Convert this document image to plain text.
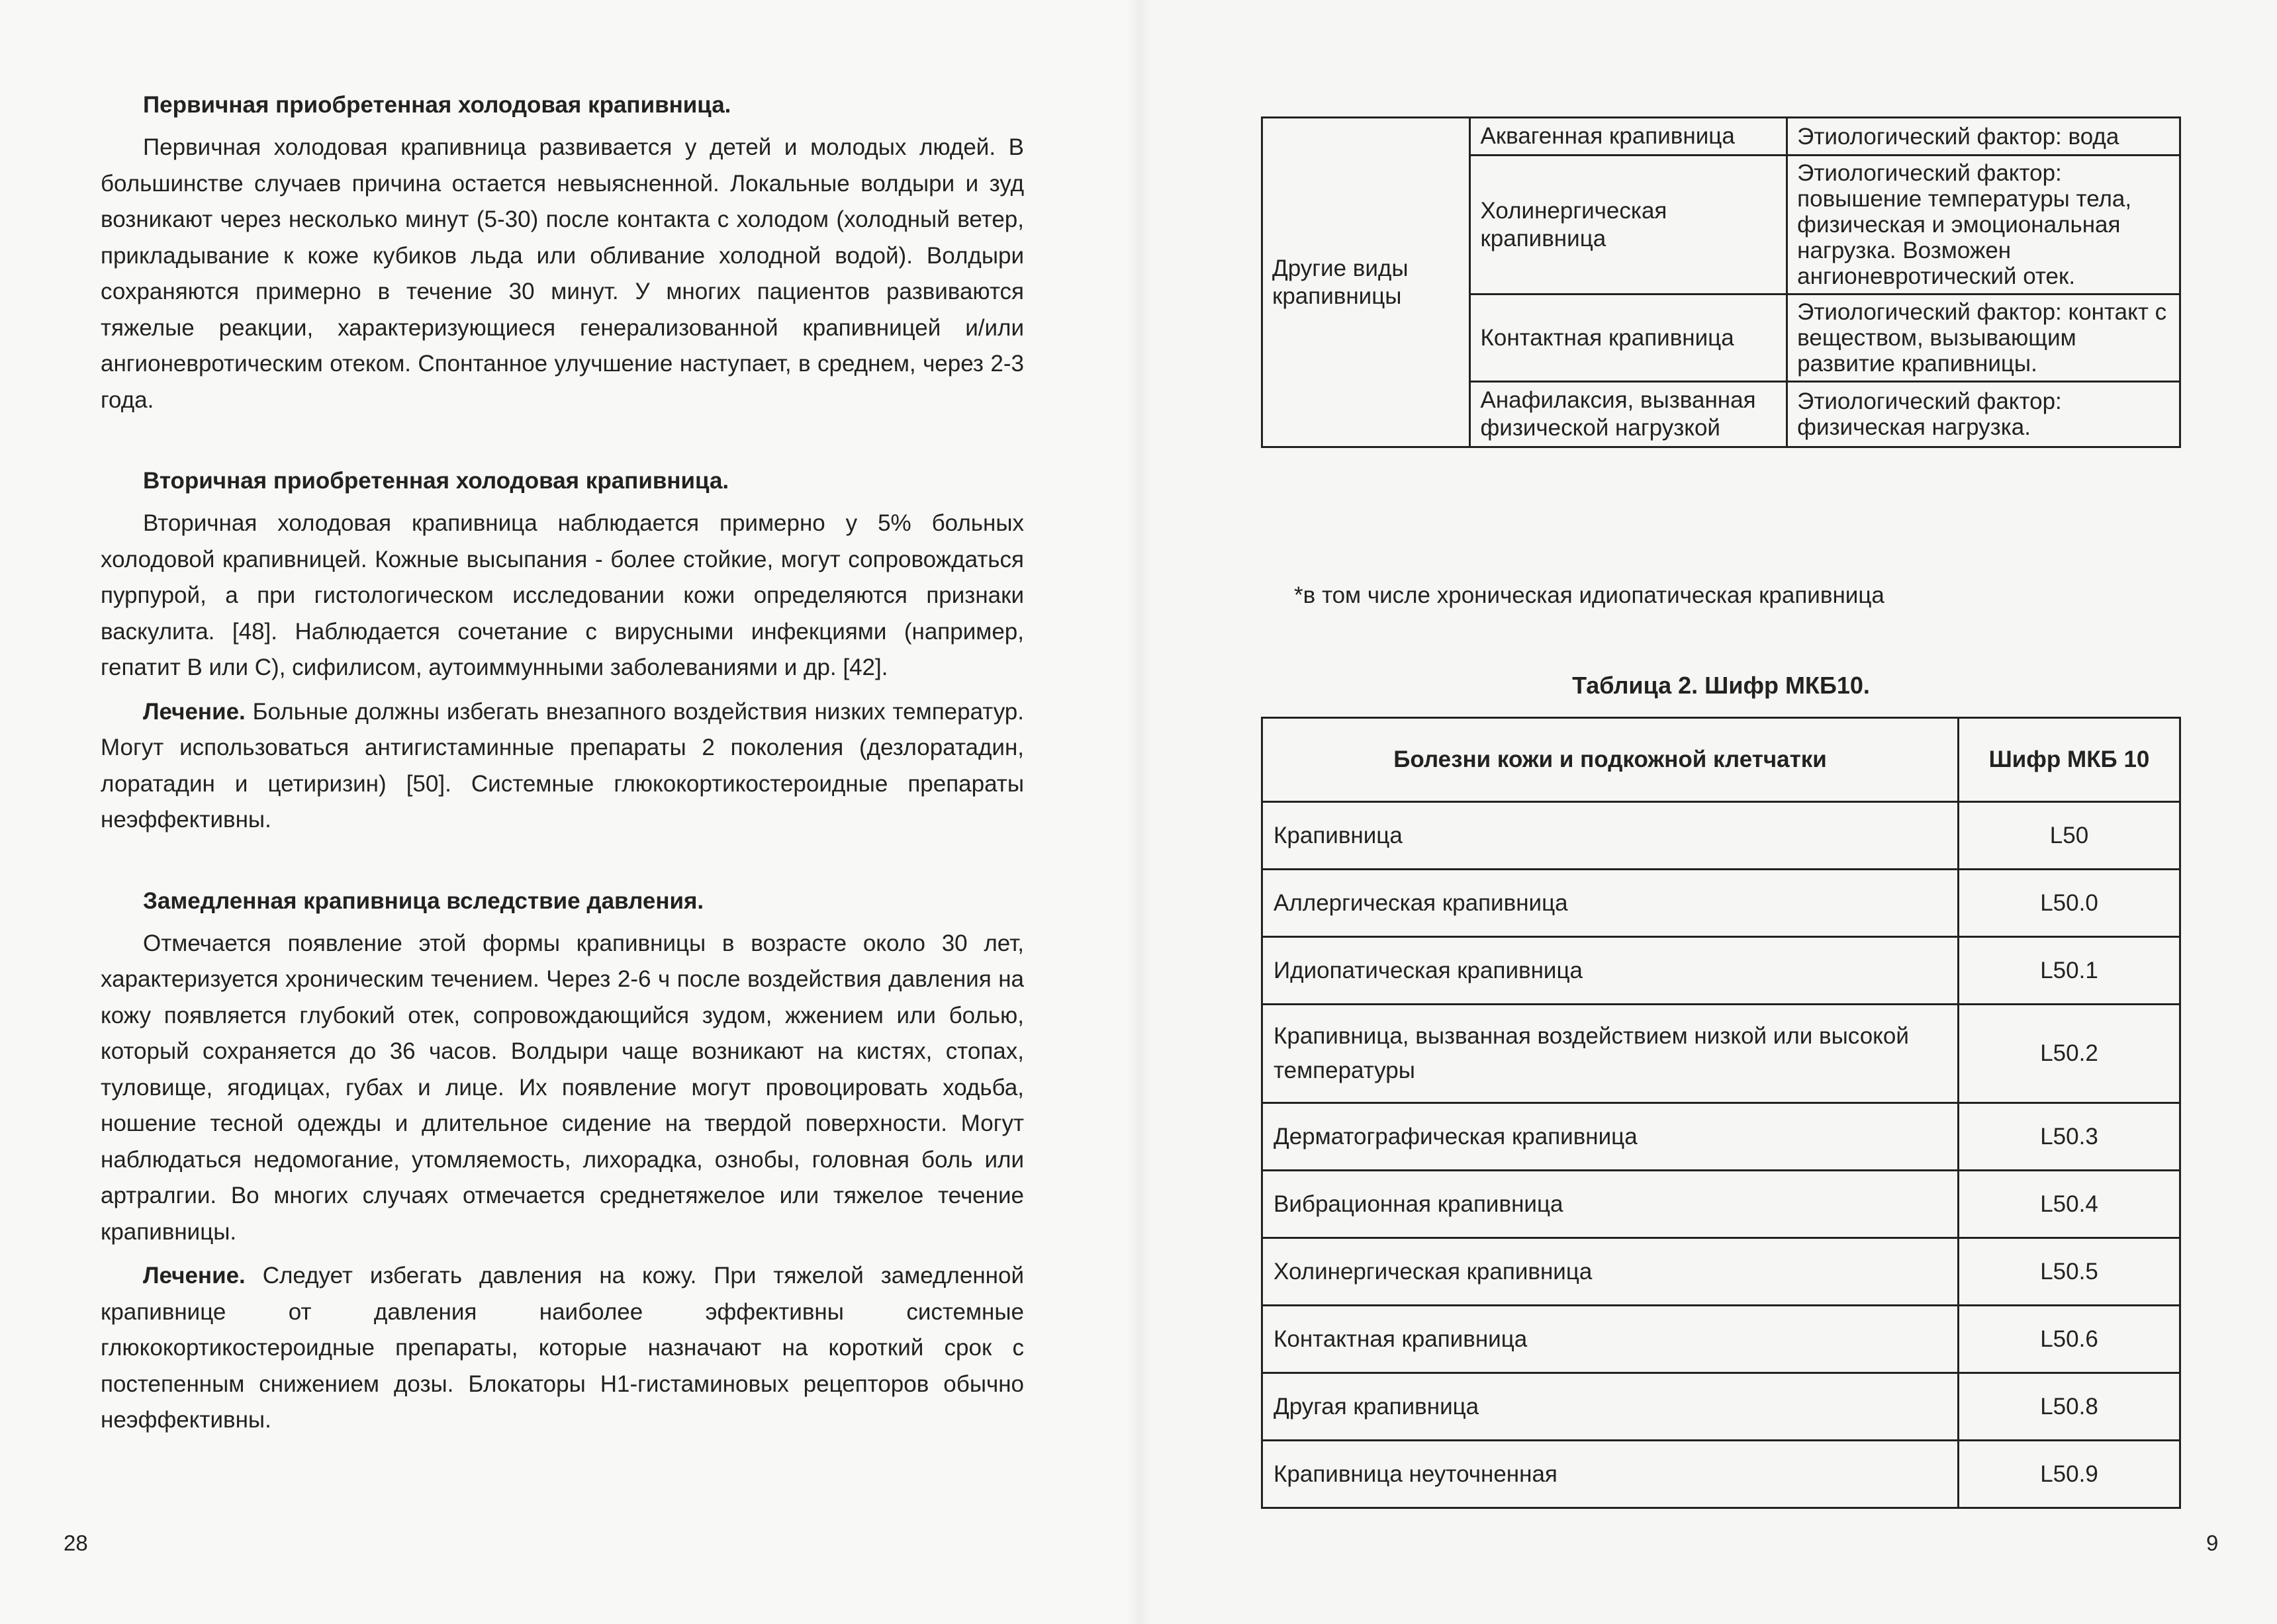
Первичная приобретенная холодовая крапивница.

Первичная холодовая крапивница развивается у детей и молодых людей. В большинстве случаев причина остается невыясненной. Локальные волдыри и зуд возникают через несколько минут (5-30) после контакта с холодом (холодный ветер, прикладывание к коже кубиков льда или обливание холодной водой). Волдыри сохраняются примерно в течение 30 минут. У многих пациентов развиваются тяжелые реакции, характеризующиеся генерализованной крапивницей и/или ангионевротическим отеком. Спонтанное улучшение наступает, в среднем, через 2-3 года.

Вторичная приобретенная холодовая крапивница.

Вторичная холодовая крапивница наблюдается примерно у 5% больных холодовой крапивницей. Кожные высыпания - более стойкие, могут сопровождаться пурпурой, а при гистологическом исследовании кожи определяются признаки васкулита. [48]. Наблюдается сочетание с вирусными инфекциями (например, гепатит В или С), сифилисом, аутоиммунными заболеваниями и др. [42].

Лечение. Больные должны избегать внезапного воздействия низких температур. Могут использоваться антигистаминные препараты 2 поколения (дезлоратадин, лоратадин и цетиризин) [50]. Системные глюкокортикостероидные препараты неэффективны.

Замедленная крапивница вследствие давления.

Отмечается появление этой формы крапивницы в возрасте около 30 лет, характеризуется хроническим течением. Через 2-6 ч после воздействия давления на кожу появляется глубокий отек, сопровождающийся зудом, жжением или болью, который сохраняется до 36 часов. Волдыри чаще возникают на кистях, стопах, туловище, ягодицах, губах и лице. Их появление могут провоцировать ходьба, ношение тесной одежды и длительное сидение на твердой поверхности. Могут наблюдаться недомогание, утомляемость, лихорадка, ознобы, головная боль или артралгии. Во многих случаях отмечается среднетяжелое или тяжелое течение крапивницы.

Лечение. Следует избегать давления на кожу. При тяжелой замедленной крапивнице от давления наиболее эффективны системные глюкокортикостероидные препараты, которые назначают на короткий срок с постепенным снижением дозы. Блокаторы Н1-гистаминовых рецепторов обычно неэффективны.

28
Другие виды крапивницы	Аквагенная крапивница	Этиологический фактор: вода
	Холинергическая крапивница	Этиологический фактор: повышение температуры тела, физическая и эмоциональная нагрузка. Возможен ангионевротический отек.
	Контактная крапивница	Этиологический фактор: контакт с веществом, вызывающим развитие крапивницы.
	Анафилаксия, вызванная физической нагрузкой	Этиологический фактор: физическая нагрузка.
*в том числе хроническая идиопатическая крапивница
Таблица 2. Шифр МКБ10.
Болезни кожи и подкожной клетчатки	Шифр МКБ 10
Крапивница	L50
Аллергическая крапивница	L50.0
Идиопатическая крапивница	L50.1
Крапивница, вызванная воздействием низкой или высокой температуры	L50.2
Дерматографическая крапивница	L50.3
Вибрационная крапивница	L50.4
Холинергическая крапивница	L50.5
Контактная крапивница	L50.6
Другая крапивница	L50.8
Крапивница неуточненная	L50.9
9
